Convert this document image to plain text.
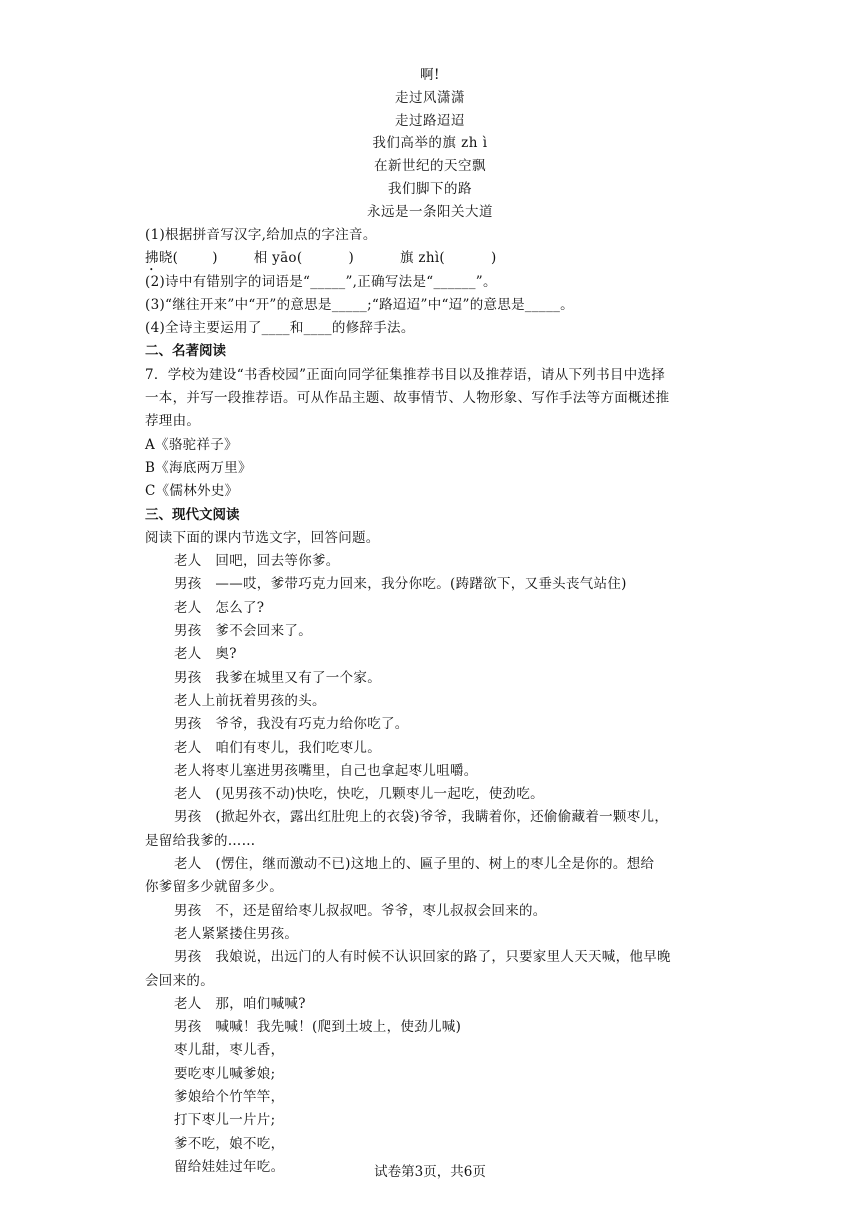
啊!
走过风潇潇
走过路迢迢
我们高举的旗 zh ì
在新世纪的天空飘
我们脚下的路
永远是一条阳关大道
(1)根据拼音写汉字,给加点的字注音。
拂晓(	)	相 yāo(	)	旗 zhì(	)
(2)诗中有错别字的词语是“_____”,正确写法是“______”。
(3)“继往开来”中“开”的意思是_____;“路迢迢”中“迢”的意思是_____。
(4)全诗主要运用了____和____的修辞手法。
二、名著阅读
7．学校为建设“书香校园”正面向同学征集推荐书目以及推荐语，请从下列书目中选择
一本，并写一段推荐语。可从作品主题、故事情节、人物形象、写作手法等方面概述推
荐理由。
A《骆驼祥子》
B《海底两万里》
C《儒林外史》
三、现代文阅读
阅读下面的课内节选文字，回答问题。
老人　回吧，回去等你爹。
男孩　——哎，爹带巧克力回来，我分你吃。(踌躇欲下，又垂头丧气站住)
老人　怎么了?
男孩　爹不会回来了。
老人　奥?
男孩　我爹在城里又有了一个家。
老人上前抚着男孩的头。
男孩　爷爷，我没有巧克力给你吃了。
老人　咱们有枣儿，我们吃枣儿。
老人将枣儿塞进男孩嘴里，自己也拿起枣儿咀嚼。
老人　(见男孩不动)快吃，快吃，几颗枣儿一起吃，使劲吃。
男孩　(掀起外衣，露出红肚兜上的衣袋)爷爷，我瞒着你，还偷偷藏着一颗枣儿，
是留给我爹的……
老人　(愣住，继而激动不已)这地上的、匾子里的、树上的枣儿全是你的。想给
你爹留多少就留多少。
男孩　不，还是留给枣儿叔叔吧。爷爷，枣儿叔叔会回来的。
老人紧紧搂住男孩。
男孩　我娘说，出远门的人有时候不认识回家的路了，只要家里人天天喊，他早晚
会回来的。
老人　那，咱们喊喊?
男孩　喊喊！我先喊！(爬到土坡上，使劲儿喊)
枣儿甜，枣儿香，
要吃枣儿喊爹娘;
爹娘给个竹竿竿，
打下枣儿一片片;
爹不吃，娘不吃，
留给娃娃过年吃。	试卷第3页，共6页
